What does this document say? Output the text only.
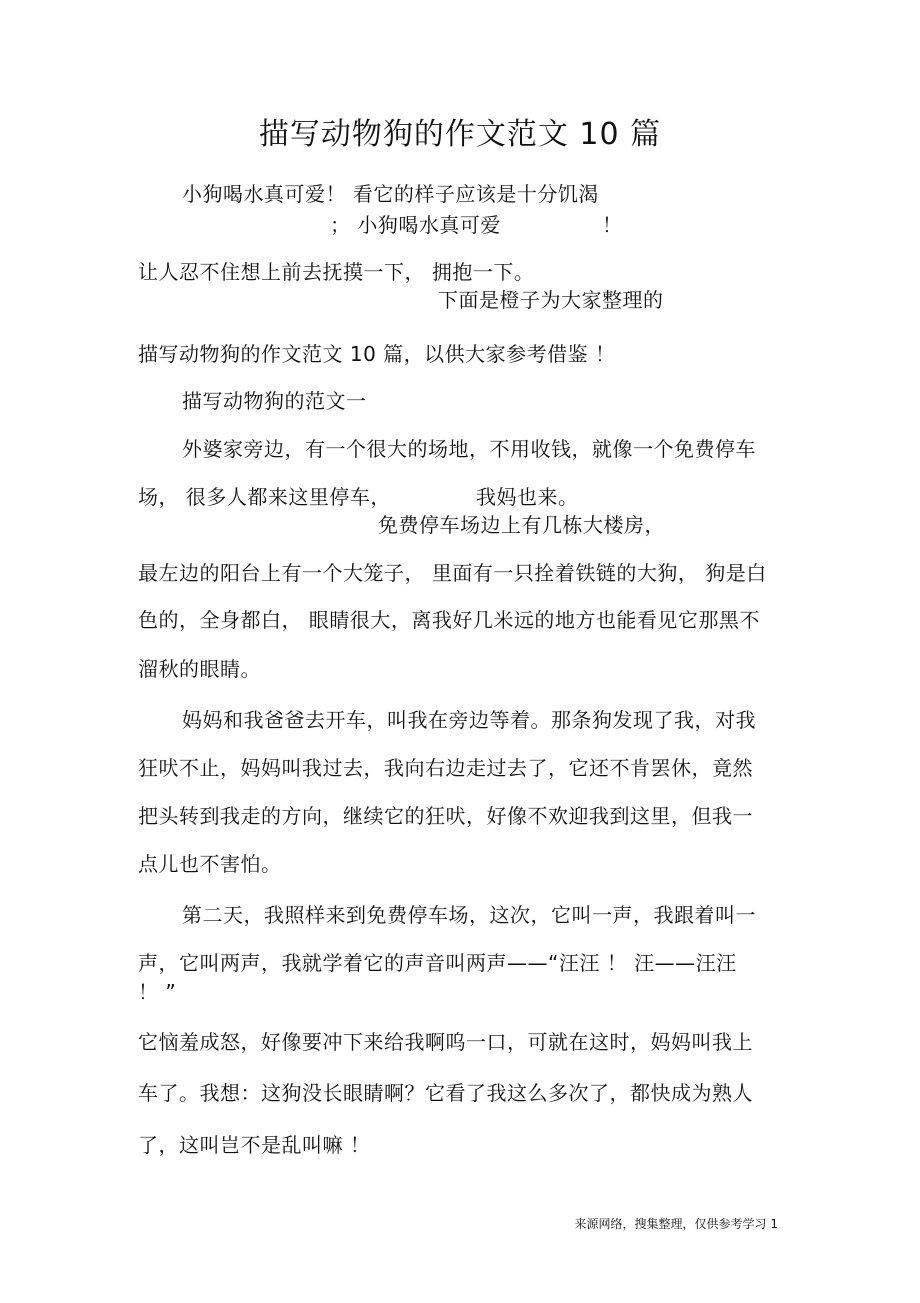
描写动物狗的作文范文 10 篇
小狗喝水真可爱！ 看它的样子应该是十分饥渴
； 小狗喝水真可爱	！
让人忍不住想上前去抚摸一下， 拥抱一下。
下面是橙子为大家整理的
描写动物狗的作文范文 10 篇，以供大家参考借鉴 ！
描写动物狗的范文一
外婆家旁边，有一个很大的场地，不用收钱，就像一个免费停车
场， 很多人都来这里停车，	我妈也来。
免费停车场边上有几栋大楼房，
最左边的阳台上有一个大笼子， 里面有一只拴着铁链的大狗， 狗是白
色的，全身都白， 眼睛很大，离我好几米远的地方也能看见它那黑不
溜秋的眼睛。
妈妈和我爸爸去开车，叫我在旁边等着。那条狗发现了我，对我
狂吠不止，妈妈叫我过去，我向右边走过去了，它还不肯罢休，竟然
把头转到我走的方向，继续它的狂吠，好像不欢迎我到这里，但我一
点儿也不害怕。
第二天，我照样来到免费停车场，这次，它叫一声，我跟着叫一
声，它叫两声，我就学着它的声音叫两声——“汪汪 ！ 汪——汪汪
！ ”
它恼羞成怒，好像要冲下来给我啊呜一口，可就在这时，妈妈叫我上
车了。我想：这狗没长眼睛啊？它看了我这么多次了，都快成为熟人
了，这叫岂不是乱叫嘛 ！
来源网络，搜集整理，仅供参考学习 1
